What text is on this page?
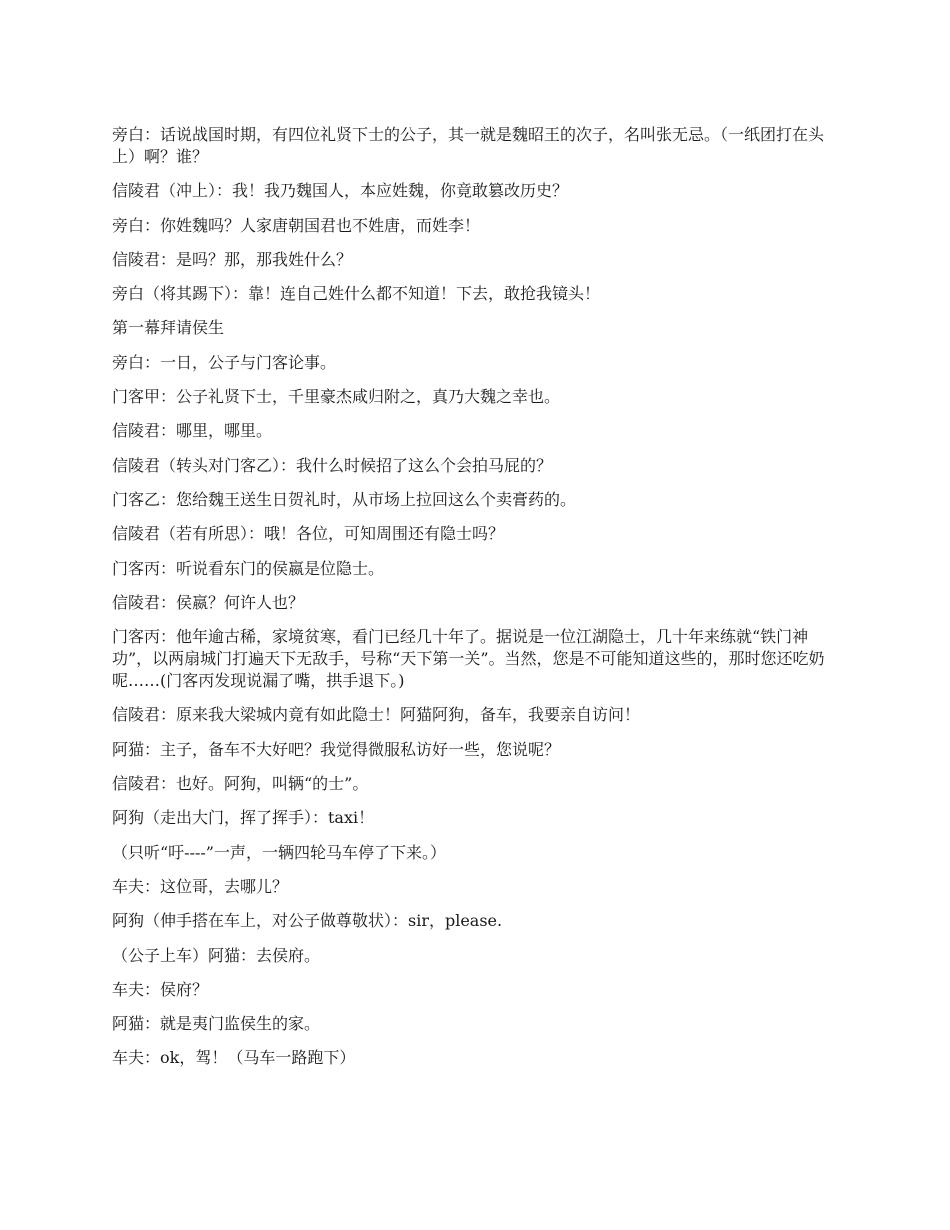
旁白：话说战国时期，有四位礼贤下士的公子，其一就是魏昭王的次子，名叫张无忌。（一纸团打在头上）啊？谁？

信陵君（冲上）：我！我乃魏国人，本应姓魏，你竟敢篡改历史？

旁白：你姓魏吗？人家唐朝国君也不姓唐，而姓李！

信陵君：是吗？那，那我姓什么？

旁白（将其踢下）：靠！连自己姓什么都不知道！下去，敢抢我镜头！

第一幕拜请侯生

旁白：一日，公子与门客论事。

门客甲：公子礼贤下士，千里豪杰咸归附之，真乃大魏之幸也。

信陵君：哪里，哪里。

信陵君（转头对门客乙）：我什么时候招了这么个会拍马屁的？

门客乙：您给魏王送生日贺礼时，从市场上拉回这么个卖膏药的。

信陵君（若有所思）：哦！各位，可知周围还有隐士吗？

门客丙：听说看东门的侯嬴是位隐士。

信陵君：侯嬴？何许人也？

门客丙：他年逾古稀，家境贫寒，看门已经几十年了。据说是一位江湖隐士，几十年来练就“铁门神功”，以两扇城门打遍天下无敌手，号称“天下第一关”。当然，您是不可能知道这些的，那时您还吃奶呢……(门客丙发现说漏了嘴，拱手退下。)

信陵君：原来我大梁城内竟有如此隐士！阿猫阿狗，备车，我要亲自访问！

阿猫：主子，备车不大好吧？我觉得微服私访好一些，您说呢？

信陵君：也好。阿狗，叫辆“的士”。

阿狗（走出大门，挥了挥手）：taxi！

（只听“吁----”一声，一辆四轮马车停了下来。）

车夫：这位哥，去哪儿？

阿狗（伸手搭在车上，对公子做尊敬状）：sir，please.

（公子上车）阿猫：去侯府。

车夫：侯府？

阿猫：就是夷门监侯生的家。

车夫：ok，驾！（马车一路跑下）
